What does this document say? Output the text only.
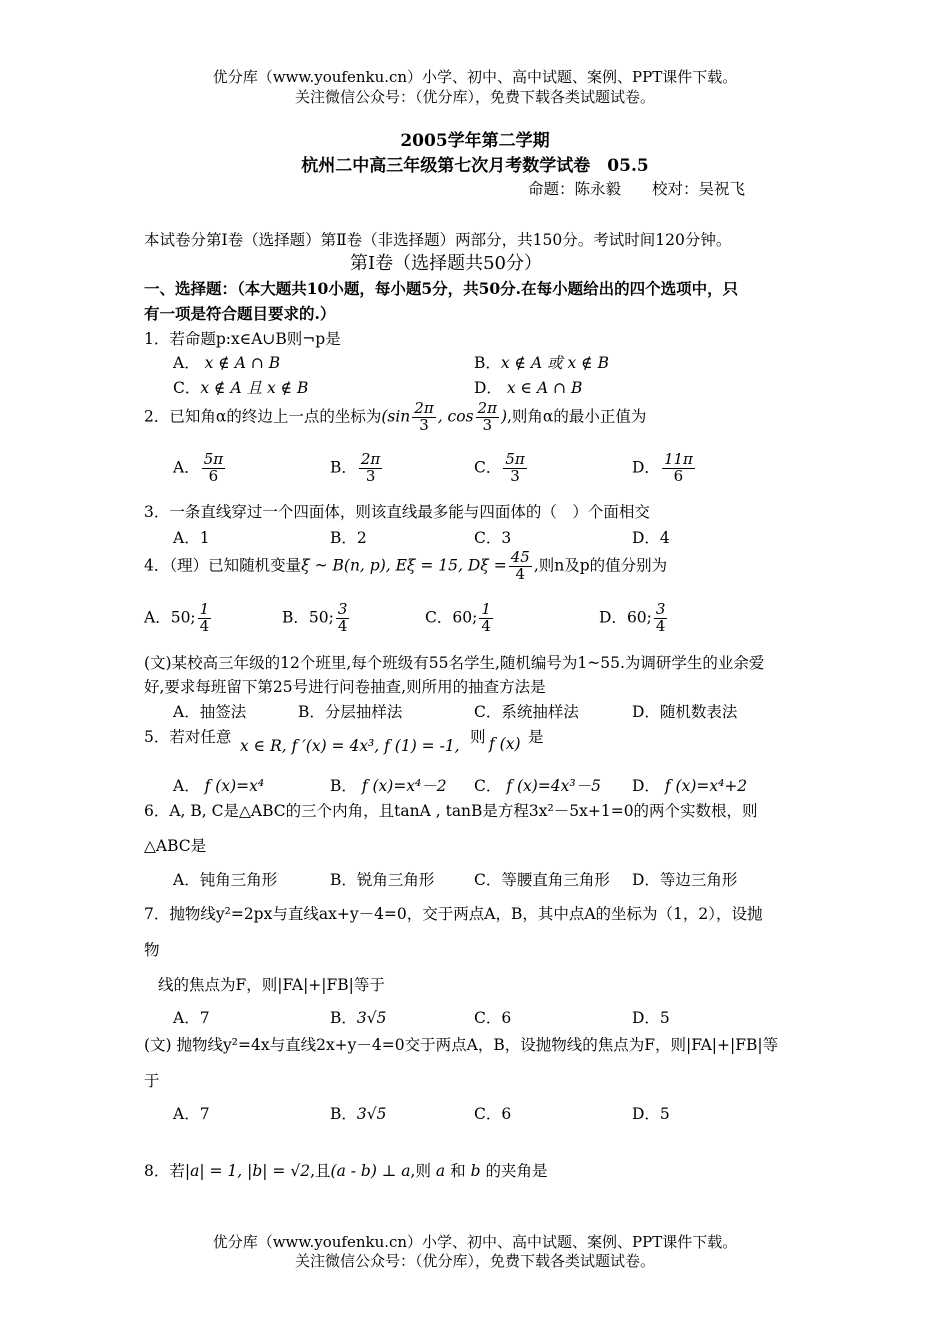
优分库（www.youfenku.cn）小学、初中、高中试题、案例、PPT课件下载。
关注微信公众号：（优分库），免费下载各类试题试卷。
2005学年第二学期
杭州二中高三年级第七次月考数学试卷　05.5
命题：陈永毅　　校对：吴祝飞
本试卷分第Ⅰ卷（选择题）第Ⅱ卷（非选择题）两部分，共150分。考试时间120分钟。
第Ⅰ卷（选择题共50分）
一、选择题：（本大题共10小题，每小题5分，共50分.在每小题给出的四个选项中，只
有一项是符合题目要求的.）
1．若命题p:x∈A∪B则¬p是
A． x ∉ A ∩ B	B．x ∉ A 或 x ∉ B
C．x ∉ A 且 x ∉ B	D． x ∈ A ∩ B
2．已知角α的终边上一点的坐标为($\sin \frac{2\pi}{3}$ , $\cos \frac{2\pi}{3}$ ),则角α的最小正值为
A． $\frac{5\pi}{6}$	B． $\frac{2\pi}{3}$	C． $\frac{5\pi}{3}$	D． $\frac{11\pi}{6}$
3．一条直线穿过一个四面体，则该直线最多能与四面体的（　）个面相交
A．1	B．2	C．3	D．4
4．（理）已知随机变量ξ ~ B(n, p), Eξ = 15, $D\xi = \frac{45}{4}$ ,则n及p的值分别为
A．50; $\frac{1}{4}$	B．50; $\frac{3}{4}$	C．60; $\frac{1}{4}$	D．60; $\frac{3}{4}$
(文)某校高三年级的12个班里,每个班级有55名学生,随机编号为1~55.为调研学生的业余爱
好,要求每班留下第25号进行问卷抽查,则所用的抽查方法是
A．抽签法	B．分层抽样法	C．系统抽样法	D．随机数表法
5．若对任意 x ∈ R, f ′(x) = 4x³, f (1) = -1, 则 f (x) 是
A． f (x)=x⁴	B． f (x)=x⁴－2 C． f (x)=4x³－5 D． f (x)=x⁴+2
6．A, B, C是△ABC的三个内角，且tanA , tanB是方程3x²－5x+1=0的两个实数根，则
△ABC是
A．钝角三角形	B．锐角三角形	C．等腰直角三角形 D．等边三角形
7．抛物线y²=2px与直线ax+y－4=0，交于两点A，B，其中点A的坐标为（1，2），设抛
物
线的焦点为F，则|FA|+|FB|等于
A．7	B．3√5	C．6	D．5
(文) 抛物线y²=4x与直线2x+y－4=0交于两点A，B，设抛物线的焦点为F，则|FA|+|FB|等
于
A．7	B．3√5	C．6	D．5
8．若|a| = 1, |b| = √2,且(a - b) ⊥ a,则 a 和 b 的夹角是
优分库（www.youfenku.cn）小学、初中、高中试题、案例、PPT课件下载。
关注微信公众号：（优分库），免费下载各类试题试卷。
